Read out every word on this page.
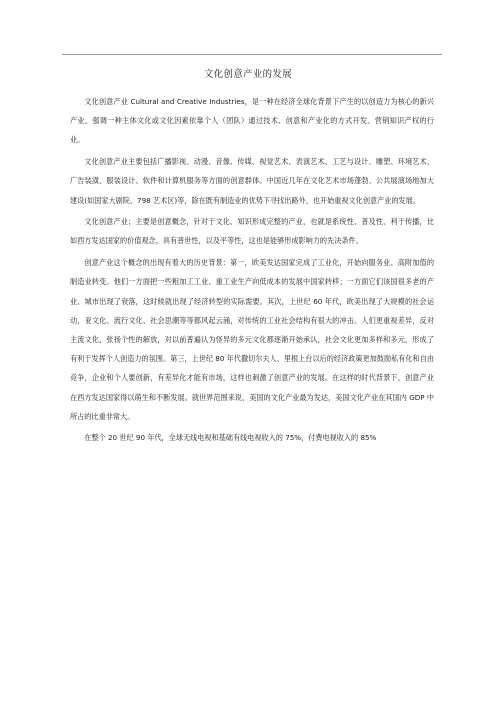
文化创意产业的发展

文化创意产业 Cultural and Creative Industries，是一种在经济全球化背景下产生的以创造力为核心的新兴产业，强调一种主体文化或文化因素依靠个人（团队）通过技术、创意和产业化的方式开发、营销知识产权的行业。

文化创意产业主要包括广播影视、动漫、音像、传媒、视觉艺术、表演艺术、工艺与设计、雕塑、环境艺术、广告装潢、服装设计、软件和计算机服务等方面的创意群体。中国近几年在文化艺术市场蓬勃、公共展演场地加大建设(如国家大剧院、798 艺术区)等，除在既有制造业的优势下寻找出路外，也开始重视文化创意产业的发展。

文化创意产业；主要是创意概念，针对于文化、知识形成完整的产业，也就是系统性、普及性、利于传播，比如西方发达国家的价值观念，具有普世性，以及平等性，这也是能够形成影响力的先决条件。

创意产业这个概念的出现有着大的历史背景：第一，欧美发达国家完成了工业化，开始向服务业、高附加值的制造业转变。他们一方面把一些粗加工工业、重工业生产向低成本的发展中国家转移；一方面它们该国很多老的产业、城市出现了衰落，这时候就出现了经济转型的实际需要。其次，上世纪 60 年代，欧美出现了大规模的社会运动，亚文化、流行文化、社会思潮等等都风起云涌，对传统的工业社会结构有很大的冲击。人们更重视差异，反对主流文化，张扬个性的解放，对以前普遍认为怪异的多元文化都逐渐开始承认，社会文化更加多样和多元，形成了有利于发挥个人创造力的氛围。第三，上世纪 80 年代撒切尔夫人、里根上台以后的经济政策更加鼓励私有化和自由竞争，企业和个人要创新，有差异化才能有市场，这样也刺激了创意产业的发展。在这样的时代背景下，创意产业在西方发达国家得以萌生和不断发展。就世界范围来说，美国的文化产业最为发达，美国文化产业在其国内 GDP 中所占的比重非常大。

在整个 20 世纪 90 年代，全球无线电视和基础有线电视收入的 75%，付费电视收入的 85%
